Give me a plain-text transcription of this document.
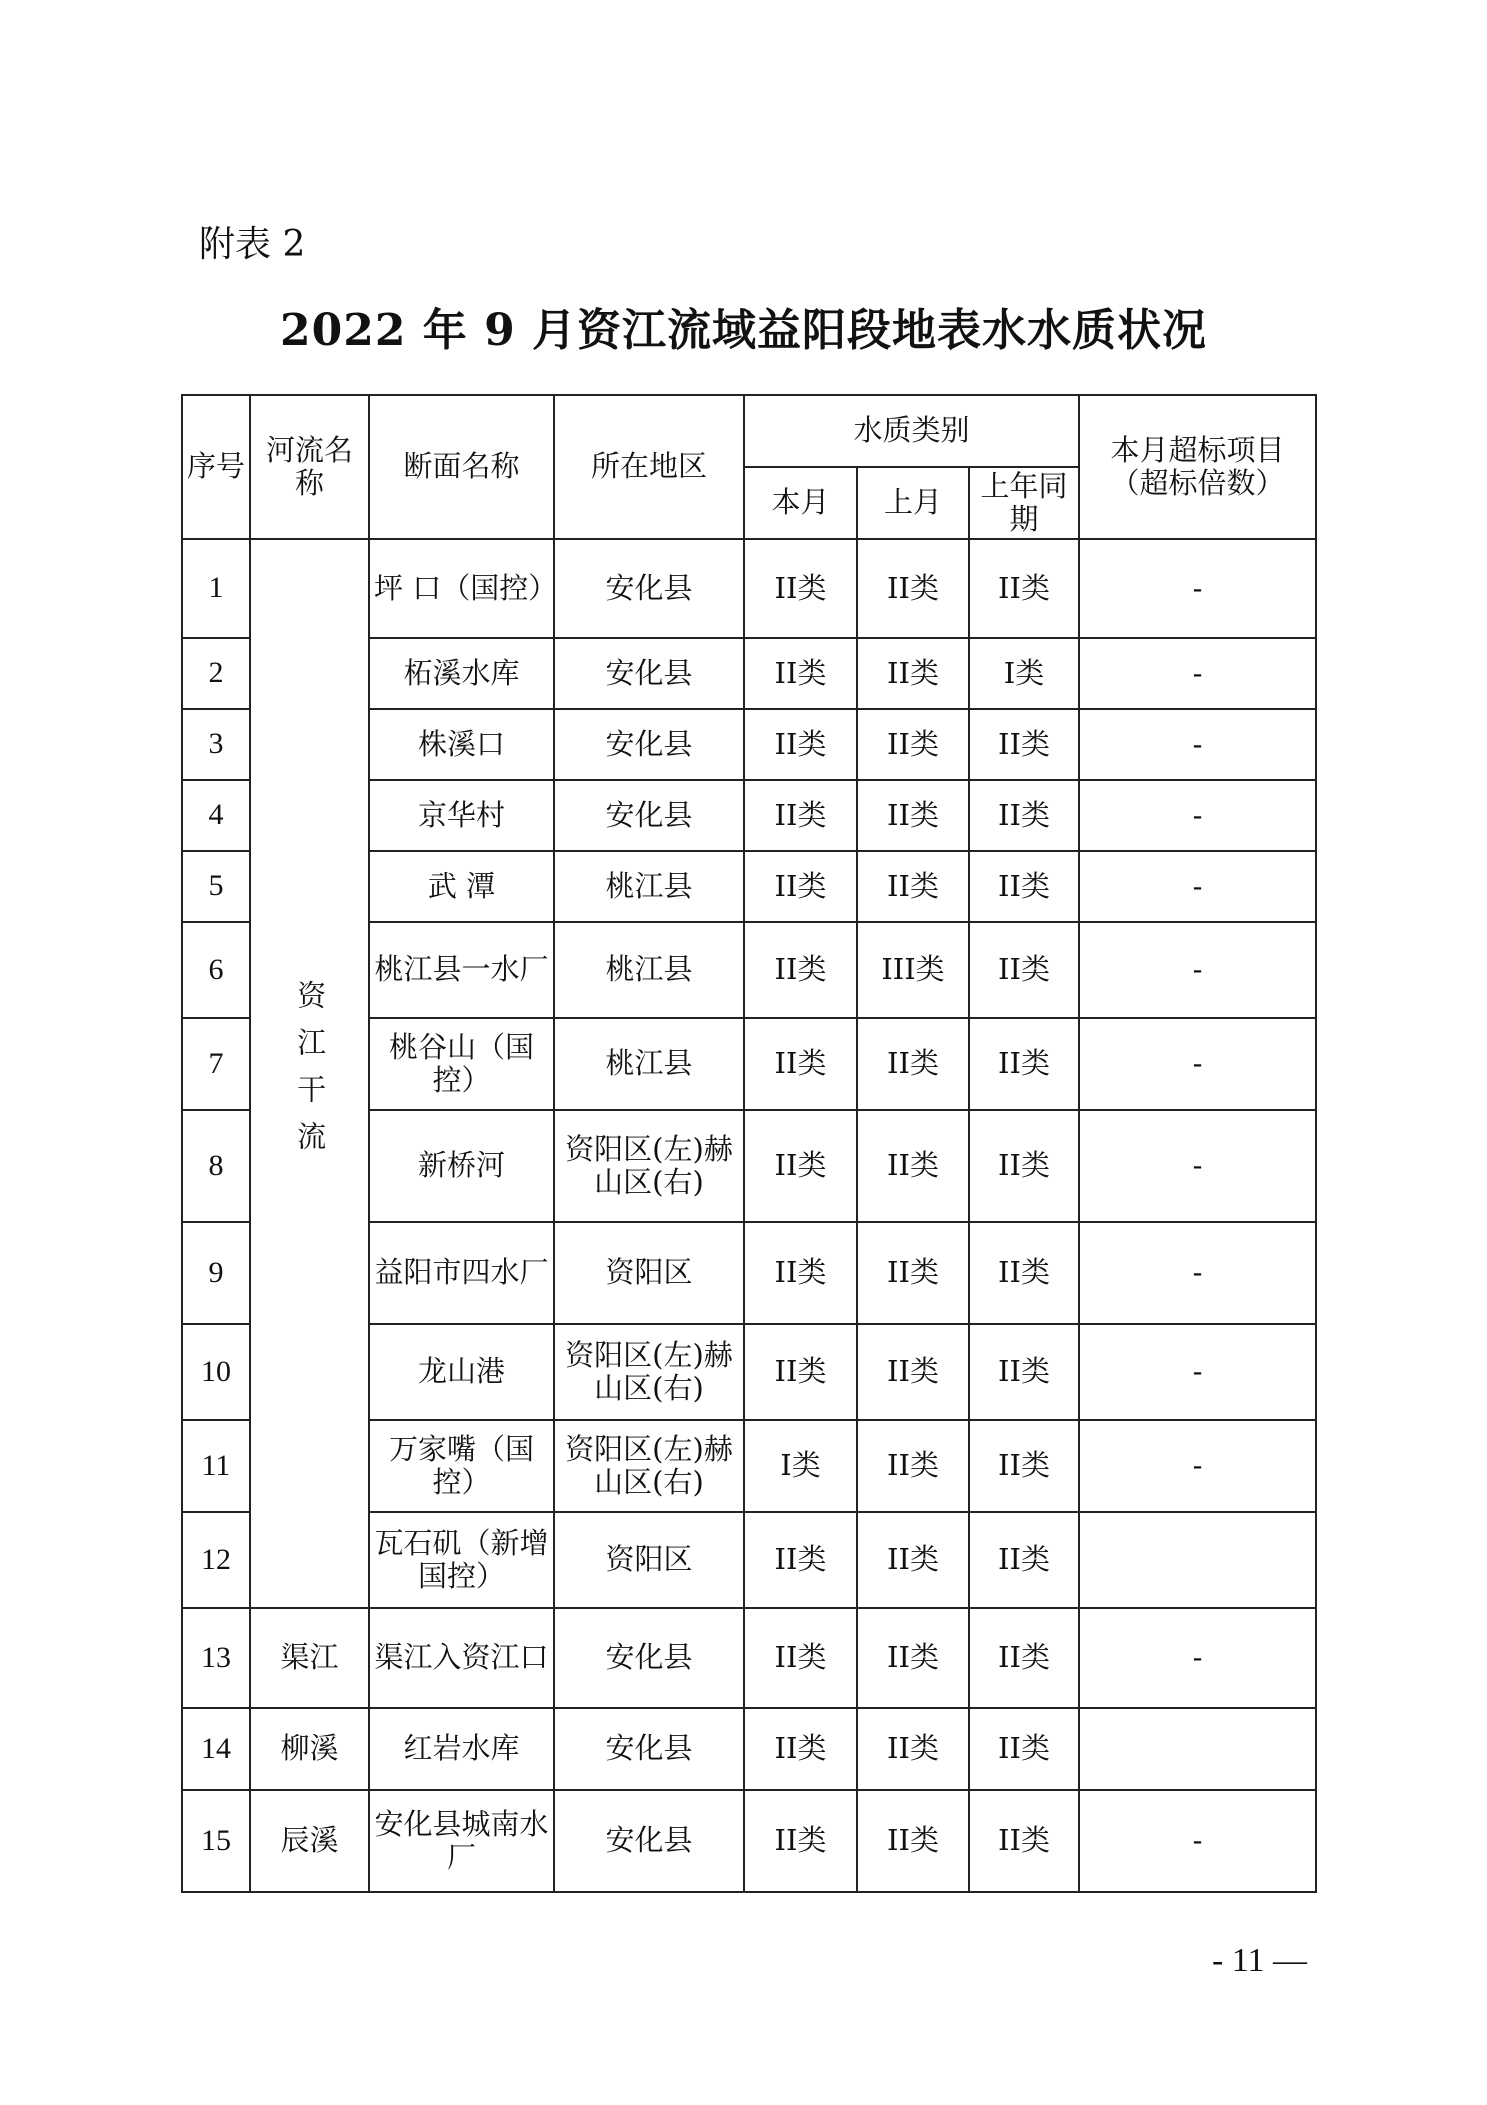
附表 2
2022 年 9 月资江流域益阳段地表水水质状况
序号	河流名称	断面名称	所在地区	水质类别			本月超标项目（超标倍数）
				本月	上月	上年同期	
1	资江干流	坪 口（国控）	安化县	II类	II类	II类	-
2		柘溪水库	安化县	II类	II类	I类	-
3		株溪口	安化县	II类	II类	II类	-
4		京华村	安化县	II类	II类	II类	-
5		武 潭	桃江县	II类	II类	II类	-
6		桃江县一水厂	桃江县	II类	III类	II类	-
7		桃谷山（国控）	桃江县	II类	II类	II类	-
8		新桥河	资阳区(左)赫山区(右)	II类	II类	II类	-
9		益阳市四水厂	资阳区	II类	II类	II类	-
10		龙山港	资阳区(左)赫山区(右)	II类	II类	II类	-
11		万家嘴（国控）	资阳区(左)赫山区(右)	I类	II类	II类	-
12		瓦石矶（新增国控）	资阳区	II类	II类	II类	
13	渠江	渠江入资江口	安化县	II类	II类	II类	-
14	柳溪	红岩水库	安化县	II类	II类	II类	
15	辰溪	安化县城南水厂	安化县	II类	II类	II类	-
- 11 —
